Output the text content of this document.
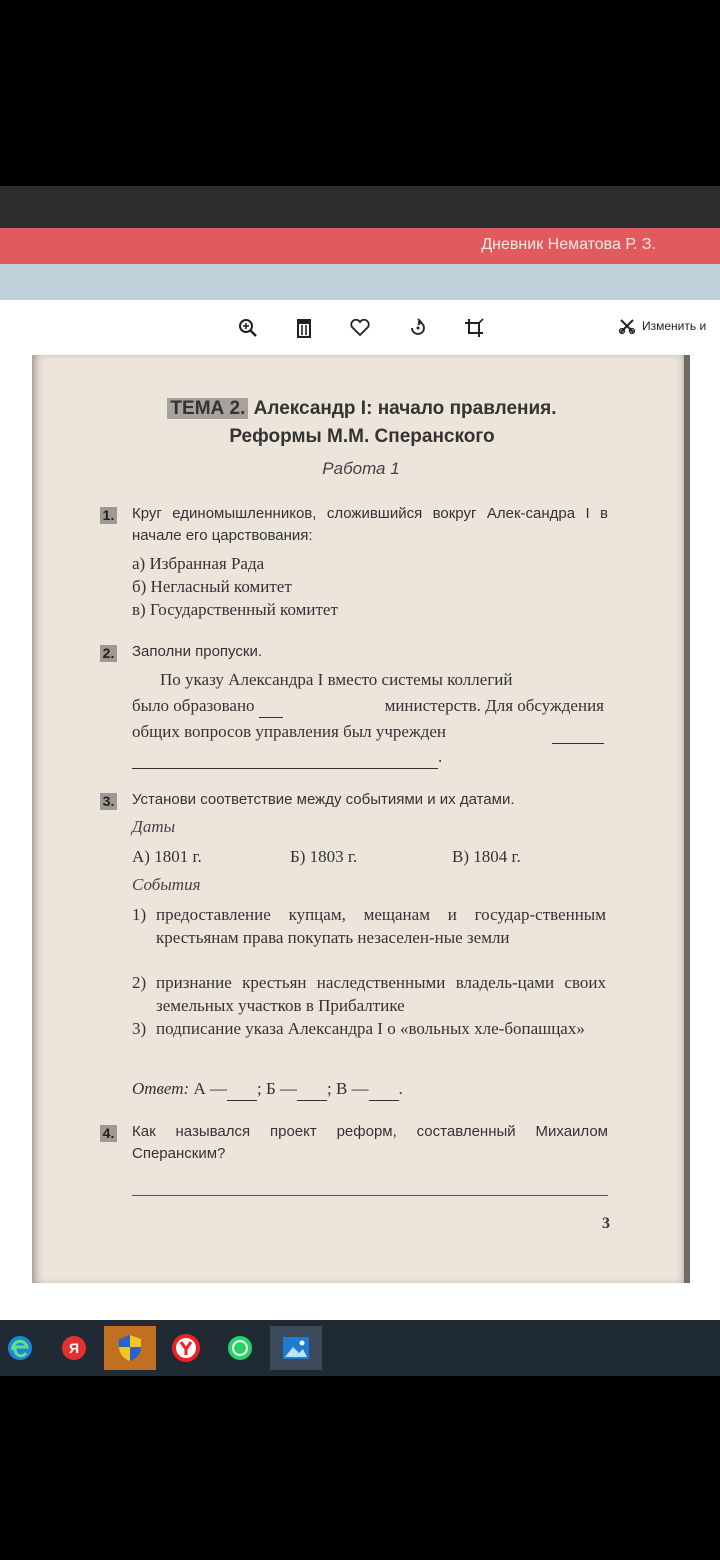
Дневник Нематова Р. З.
Изменить и
ТЕМА 2. Александр I: начало правления.
Реформы М.М. Сперанского
Работа 1
1. Круг единомышленников, сложившийся вокруг Алек-сандра I в начале его царствования:
а) Избранная Рада
б) Негласный комитет
в) Государственный комитет
2. Заполни пропуски.
По указу Александра I вместо системы коллегий
было образовано	министерств. Для обсуждения
общих вопросов управления был учрежден

.
3. Установи соответствие между событиями и их датами.
Даты
А) 1801 г.	Б) 1803 г.	В) 1804 г.
События
1) предоставление купцам, мещанам и государ-ственным крестьянам права покупать незаселен-ные земли
2) признание крестьян наследственными владель-цами своих земельных участков в Прибалтике
3) подписание указа Александра I о «вольных хле-бопашцах»
Ответ: А — ; Б — ; В — .
4. Как назывался проект реформ, составленный Михаилом Сперанским?
3
Я
